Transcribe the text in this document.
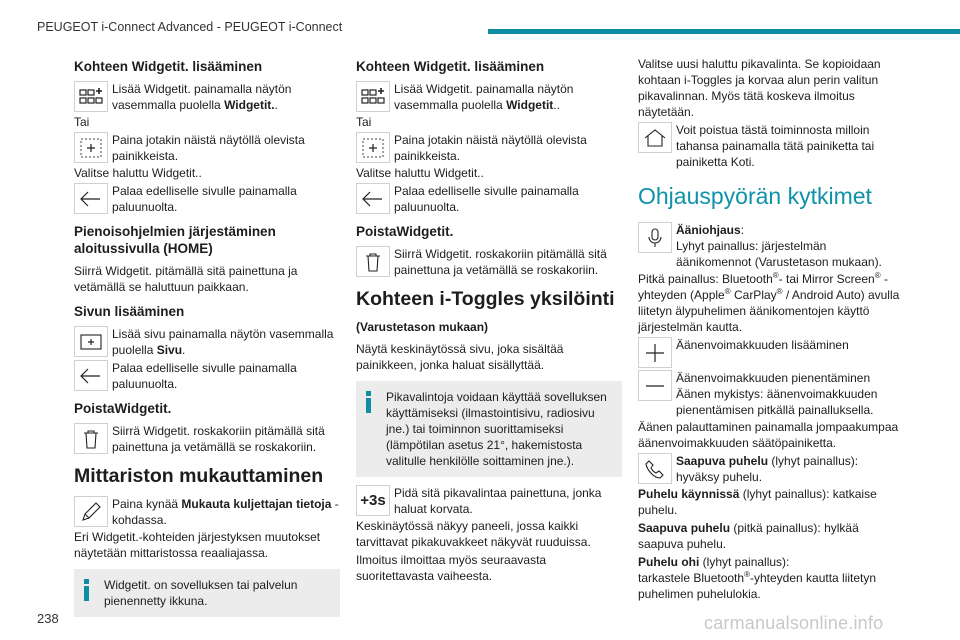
PEUGEOT i-Connect Advanced - PEUGEOT i-Connect
Kohteen Widgetit. lisääminen
Lisää Widgetit. painamalla näytön vasemmalla puolella Widgetit..

Tai

Paina jotakin näistä näytöllä olevista painikkeista.

Valitse haluttu Widgetit..

Palaa edelliselle sivulle painamalla paluunuolta.
Pienoisohjelmien järjestäminen aloitussivulla (HOME)

Siirrä Widgetit. pitämällä sitä painettuna ja vetämällä se haluttuun paikkaan.

Sivun lisääminen
Lisää sivu painamalla näytön vasemmalla puolella Sivu.
Palaa edelliselle sivulle painamalla paluunuolta.
PoistaWidgetit.
Siirrä Widgetit. roskakoriin pitämällä sitä painettuna ja vetämällä se roskakoriin.
Mittariston mukauttaminen
Paina kynää Mukauta kuljettajan tietoja -kohdassa.

Eri Widgetit.-kohteiden järjestyksen muutokset näytetään mittaristossa reaaliajassa.

Widgetit. on sovelluksen tai palvelun pienennetty ikkuna.
Kohteen Widgetit. lisääminen
Lisää Widgetit. painamalla näytön vasemmalla puolella Widgetit..

Tai

Paina jotakin näistä näytöllä olevista painikkeista.

Valitse haluttu Widgetit..

Palaa edelliselle sivulle painamalla paluunuolta.
PoistaWidgetit.
Siirrä Widgetit. roskakoriin pitämällä sitä painettuna ja vetämällä se roskakoriin.
Kohteen i-Toggles yksilöinti
(Varustetason mukaan)

Näytä keskinäytössä sivu, joka sisältää painikkeen, jonka haluat sisällyttää.

Pikavalintoja voidaan käyttää sovelluksen käyttämiseksi (ilmastointisivu, radiosivu jne.) tai toiminnon suorittamiseksi (lämpötilan asetus 21°, hakemistosta valitulle henkilölle soittaminen jne.).
+3s Pidä sitä pikavalintaa painettuna, jonka haluat korvata.

Keskinäytössä näkyy paneeli, jossa kaikki tarvittavat pikakuvakkeet näkyvät ruuduissa.

Ilmoitus ilmoittaa myös seuraavasta suoritettavasta vaiheesta.

Valitse uusi haluttu pikavalinta. Se kopioidaan kohtaan i-Toggles ja korvaa alun perin valitun pikavalinnan. Myös tätä koskeva ilmoitus näytetään.

Voit poistua tästä toiminnosta milloin tahansa painamalla tätä painiketta tai painiketta Koti.
Ohjauspyörän kytkimet
Ääniohjaus:
Lyhyt painallus: järjestelmän äänikomennot (Varustetason mukaan).

Pitkä painallus: Bluetooth®- tai Mirror Screen® -yhteyden (Apple® CarPlay® / Android Auto) avulla liitetyn älypuhelimen äänikomentojen käyttö järjestelmän kautta.

Äänenvoimakkuuden lisääminen
Äänenvoimakkuuden pienentäminen
Äänen mykistys: äänenvoimakkuuden pienentämisen pitkällä painalluksella.

Äänen palauttaminen painamalla jompaakumpaa äänenvoimakkuuden säätöpainiketta.

Saapuva puhelu (lyhyt painallus): hyväksy puhelu.

Puhelu käynnissä (lyhyt painallus): katkaise puhelu.

Saapuva puhelu (pitkä painallus): hylkää saapuva puhelu.

Puhelu ohi (lyhyt painallus):
tarkastele Bluetooth®-yhteyden kautta liitetyn puhelimen puhelulokia.

238	carmanualsonline.info
